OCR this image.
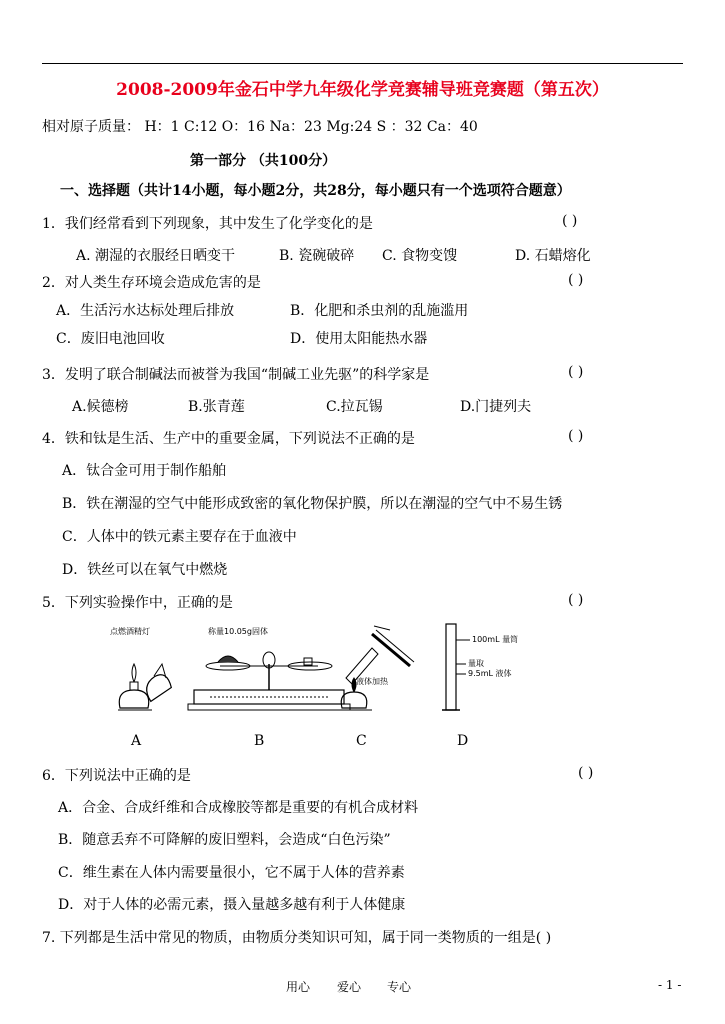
2008-2009年金石中学九年级化学竞赛辅导班竞赛题（第五次）
相对原子质量： H：1 C:12 O：16 Na：23 Mg:24 S ：32 Ca：40
第一部分 （共100分）
一、选择题（共计14小题，每小题2分，共28分，每小题只有一个选项符合题意）
1．我们经常看到下列现象，其中发生了化学变化的是	( )
A. 潮湿的衣服经日晒变干	B. 瓷碗破碎 C. 食物变馊	D. 石蜡熔化
2．对人类生存环境会造成危害的是	( )
A．生活污水达标处理后排放	B．化肥和杀虫剂的乱施滥用
C．废旧电池回收	D．使用太阳能热水器
3．发明了联合制碱法而被誉为我国“制碱工业先驱”的科学家是	( )
A.候德榜	B.张青莲	C.拉瓦锡	D.门捷列夫
4．铁和钛是生活、生产中的重要金属，下列说法不正确的是	( )
A．钛合金可用于制作船舶
B．铁在潮湿的空气中能形成致密的氧化物保护膜，所以在潮湿的空气中不易生锈
C．人体中的铁元素主要存在于血液中
D．铁丝可以在氧气中燃烧
5．下列实验操作中，正确的是	( )
点燃酒精灯	称量10.05g固体
液体加热
100mL 量筒
量取
9.5mL 液体
A	B	C	D
6．下列说法中正确的是	( )
A．合金、合成纤维和合成橡胶等都是重要的有机合成材料
B．随意丢弃不可降解的废旧塑料，会造成“白色污染”
C．维生素在人体内需要量很小，它不属于人体的营养素
D．对于人体的必需元素，摄入量越多越有利于人体健康
7. 下列都是生活中常见的物质，由物质分类知识可知，属于同一类物质的一组是( )
用心 爱心 专心	- 1 -
